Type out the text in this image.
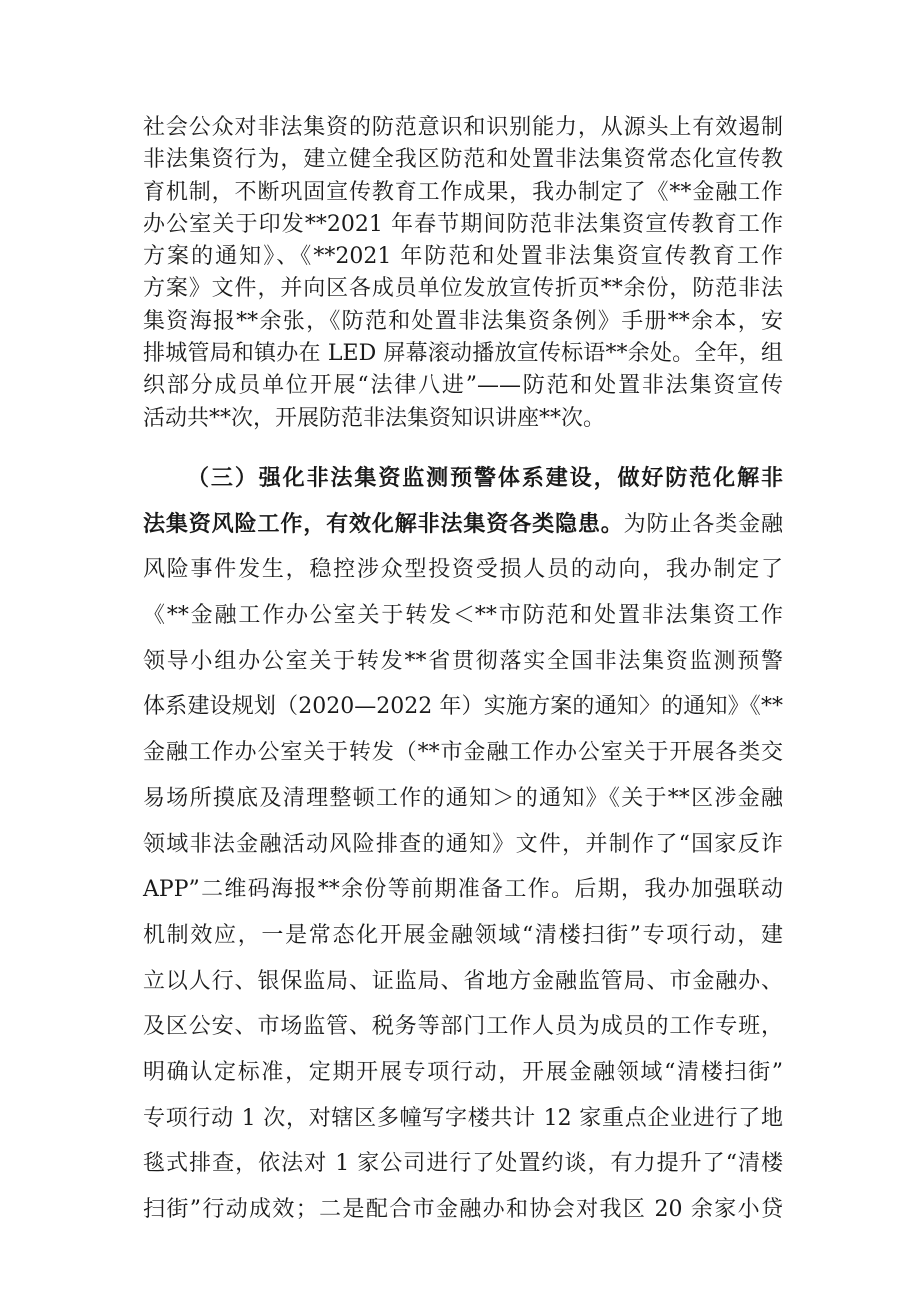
社会公众对非法集资的防范意识和识别能力，从源头上有效遏制
非法集资行为，建立健全我区防范和处置非法集资常态化宣传教
育机制，不断巩固宣传教育工作成果，我办制定了《**金融工作
办公室关于印发**2021 年春节期间防范非法集资宣传教育工作
方案的通知》、《**2021 年防范和处置非法集资宣传教育工作
方案》文件，并向区各成员单位发放宣传折页**余份，防范非法
集资海报**余张，《防范和处置非法集资条例》手册**余本，安
排城管局和镇办在 LED 屏幕滚动播放宣传标语**余处。全年，组
织部分成员单位开展“法律八进”——防范和处置非法集资宣传
活动共**次，开展防范非法集资知识讲座**次。
（三）强化非法集资监测预警体系建设，做好防范化解非
法集资风险工作，有效化解非法集资各类隐患。为防止各类金融
风险事件发生，稳控涉众型投资受损人员的动向，我办制定了
《**金融工作办公室关于转发＜**市防范和处置非法集资工作
领导小组办公室关于转发**省贯彻落实全国非法集资监测预警
体系建设规划（2020—2022 年）实施方案的通知〉的通知》《**
金融工作办公室关于转发（**市金融工作办公室关于开展各类交
易场所摸底及清理整顿工作的通知＞的通知》《关于**区涉金融
领域非法金融活动风险排查的通知》文件，并制作了“国家反诈
APP”二维码海报**余份等前期准备工作。后期，我办加强联动
机制效应，一是常态化开展金融领域“清楼扫街”专项行动，建
立以人行、银保监局、证监局、省地方金融监管局、市金融办、
及区公安、市场监管、税务等部门工作人员为成员的工作专班，
明确认定标准，定期开展专项行动，开展金融领域“清楼扫街”
专项行动 1 次，对辖区多幢写字楼共计 12 家重点企业进行了地
毯式排查，依法对 1 家公司进行了处置约谈，有力提升了“清楼
扫街”行动成效；二是配合市金融办和协会对我区 20 余家小贷
